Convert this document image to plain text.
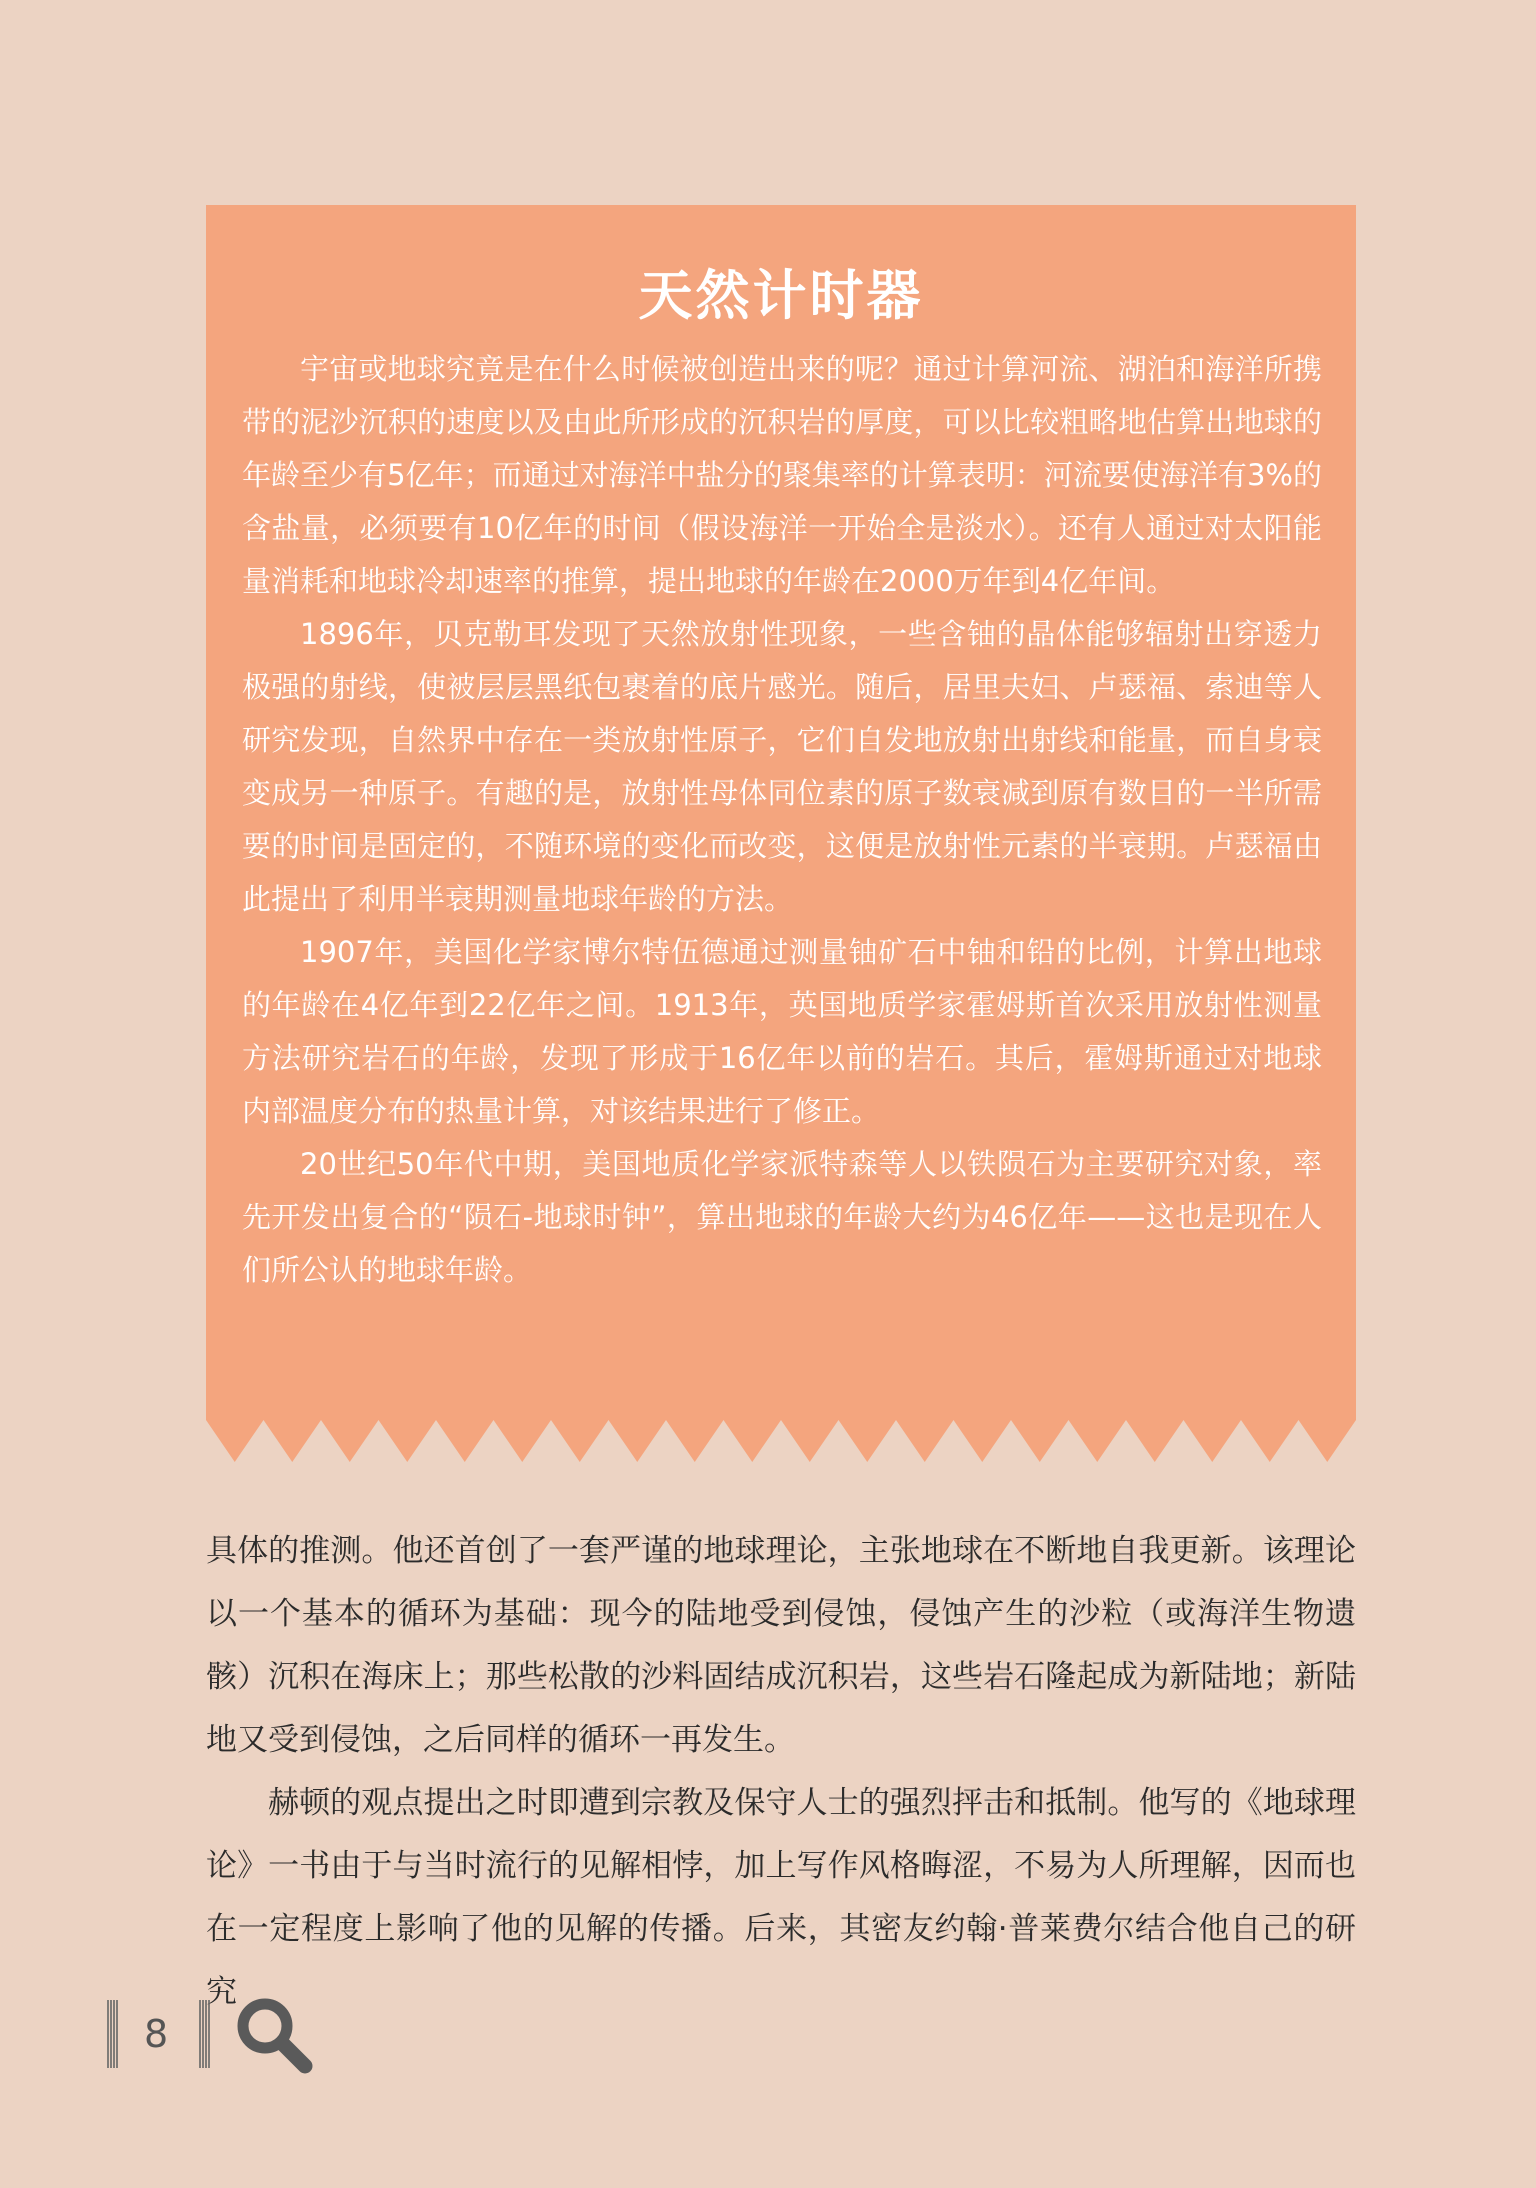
天然计时器

宇宙或地球究竟是在什么时候被创造出来的呢？通过计算河流、湖泊和海洋所携带的泥沙沉积的速度以及由此所形成的沉积岩的厚度，可以比较粗略地估算出地球的年龄至少有5亿年；而通过对海洋中盐分的聚集率的计算表明：河流要使海洋有3%的含盐量，必须要有10亿年的时间（假设海洋一开始全是淡水）。还有人通过对太阳能量消耗和地球冷却速率的推算，提出地球的年龄在2000万年到4亿年间。

1896年，贝克勒耳发现了天然放射性现象，一些含铀的晶体能够辐射出穿透力极强的射线，使被层层黑纸包裹着的底片感光。随后，居里夫妇、卢瑟福、索迪等人研究发现，自然界中存在一类放射性原子，它们自发地放射出射线和能量，而自身衰变成另一种原子。有趣的是，放射性母体同位素的原子数衰减到原有数目的一半所需要的时间是固定的，不随环境的变化而改变，这便是放射性元素的半衰期。卢瑟福由此提出了利用半衰期测量地球年龄的方法。

1907年，美国化学家博尔特伍德通过测量铀矿石中铀和铅的比例，计算出地球的年龄在4亿年到22亿年之间。1913年，英国地质学家霍姆斯首次采用放射性测量方法研究岩石的年龄，发现了形成于16亿年以前的岩石。其后，霍姆斯通过对地球内部温度分布的热量计算，对该结果进行了修正。

20世纪50年代中期，美国地质化学家派特森等人以铁陨石为主要研究对象，率先开发出复合的“陨石-地球时钟”，算出地球的年龄大约为46亿年——这也是现在人们所公认的地球年龄。

具体的推测。他还首创了一套严谨的地球理论，主张地球在不断地自我更新。该理论以一个基本的循环为基础：现今的陆地受到侵蚀，侵蚀产生的沙粒（或海洋生物遗骸）沉积在海床上；那些松散的沙料固结成沉积岩，这些岩石隆起成为新陆地；新陆地又受到侵蚀，之后同样的循环一再发生。

赫顿的观点提出之时即遭到宗教及保守人士的强烈抨击和抵制。他写的《地球理论》一书由于与当时流行的见解相悖，加上写作风格晦涩，不易为人所理解，因而也在一定程度上影响了他的见解的传播。后来，其密友约翰·普莱费尔结合他自己的研究

8
